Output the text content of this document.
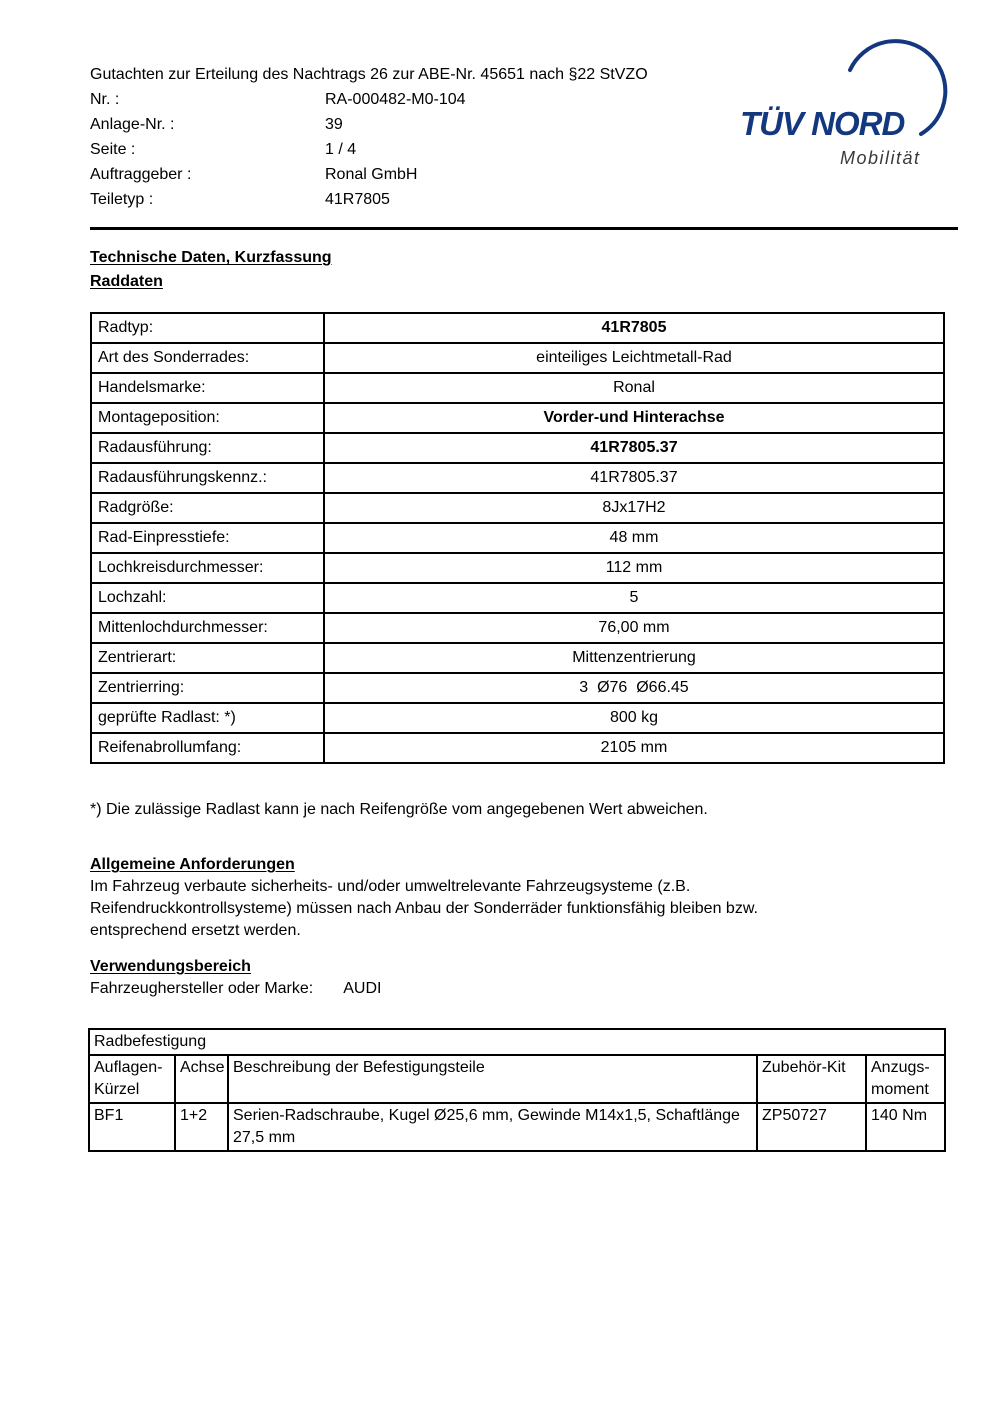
Gutachten zur Erteilung des Nachtrags 26 zur ABE-Nr. 45651 nach §22 StVZO
Nr. :	RA-000482-M0-104
Anlage-Nr. :	39
Seite :	1 / 4
Auftraggeber :	Ronal GmbH
Teiletyp :	41R7805
TÜV NORD
Mobilität
Technische Daten, Kurzfassung
Raddaten
Radtyp:	41R7805
Art des Sonderrades:	einteiliges Leichtmetall-Rad
Handelsmarke:	Ronal
Montageposition:	Vorder-und Hinterachse
Radausführung:	41R7805.37
Radausführungskennz.:	41R7805.37
Radgröße:	8Jx17H2
Rad-Einpresstiefe:	48 mm
Lochkreisdurchmesser:	112 mm
Lochzahl:	5
Mittenlochdurchmesser:	76,00 mm
Zentrierart:	Mittenzentrierung
Zentrierring:	3  Ø76  Ø66.45
geprüfte Radlast: *)	800 kg
Reifenabrollumfang:	2105 mm
*) Die zulässige Radlast kann je nach Reifengröße vom angegebenen Wert abweichen.
Allgemeine Anforderungen
Im Fahrzeug verbaute sicherheits- und/oder umweltrelevante Fahrzeugsysteme (z.B.
Reifendruckkontrollsysteme) müssen nach Anbau der Sonderräder funktionsfähig bleiben bzw.
entsprechend ersetzt werden.
Verwendungsbereich
Fahrzeughersteller oder Marke: AUDI
Radbefestigung				
Auflagen-Kürzel	Achse	Beschreibung der Befestigungsteile	Zubehör-Kit	Anzugs-moment
BF1	1+2	Serien-Radschraube, Kugel Ø25,6 mm, Gewinde M14x1,5, Schaftlänge 27,5 mm	ZP50727	140 Nm
